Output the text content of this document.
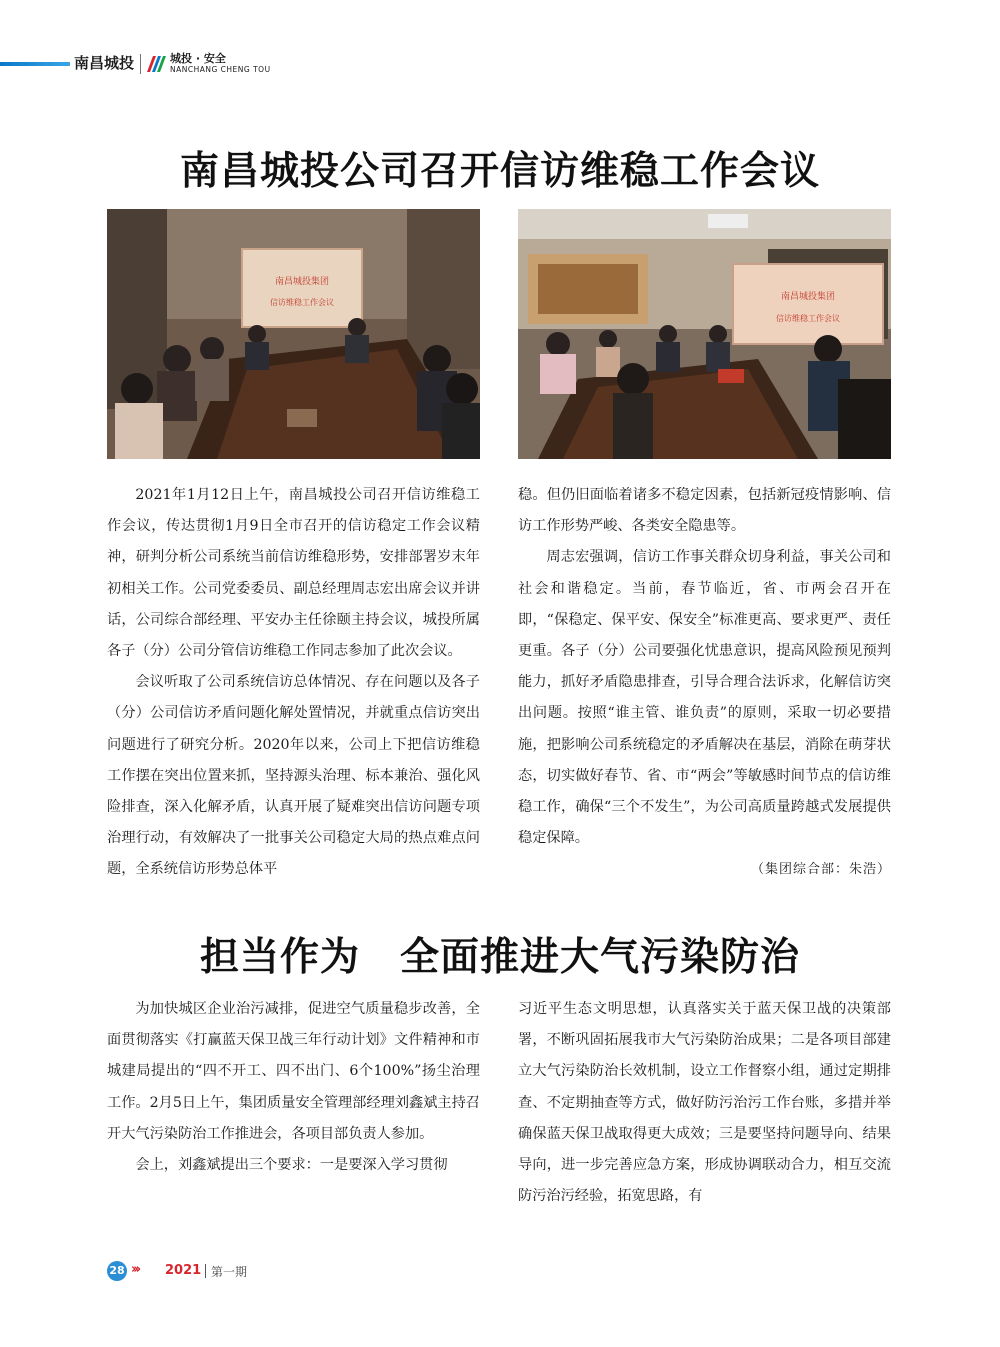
南昌城投	城投 · 安全
NANCHANG CHENG TOU
南昌城投公司召开信访维稳工作会议
南昌城投集团
信访维稳工作会议
南昌城投集团
信访维稳工作会议

2021年1月12日上午，南昌城投公司召开信访维稳工作会议，传达贯彻1月9日全市召开的信访稳定工作会议精神，研判分析公司系统当前信访维稳形势，安排部署岁末年初相关工作。公司党委委员、副总经理周志宏出席会议并讲话，公司综合部经理、平安办主任徐颐主持会议，城投所属各子（分）公司分管信访维稳工作同志参加了此次会议。

会议听取了公司系统信访总体情况、存在问题以及各子（分）公司信访矛盾问题化解处置情况，并就重点信访突出问题进行了研究分析。2020年以来，公司上下把信访维稳工作摆在突出位置来抓，坚持源头治理、标本兼治、强化风险排查，深入化解矛盾，认真开展了疑难突出信访问题专项治理行动，有效解决了一批事关公司稳定大局的热点难点问题，全系统信访形势总体平

稳。但仍旧面临着诸多不稳定因素，包括新冠疫情影响、信访工作形势严峻、各类安全隐患等。

周志宏强调，信访工作事关群众切身利益，事关公司和社会和谐稳定。当前，春节临近，省、市两会召开在即，“保稳定、保平安、保安全”标准更高、要求更严、责任更重。各子（分）公司要强化忧患意识，提高风险预见预判能力，抓好矛盾隐患排查，引导合理合法诉求，化解信访突出问题。按照“谁主管、谁负责”的原则，采取一切必要措施，把影响公司系统稳定的矛盾解决在基层，消除在萌芽状态，切实做好春节、省、市“两会”等敏感时间节点的信访维稳工作，确保“三个不发生”，为公司高质量跨越式发展提供稳定保障。

（集团综合部：朱浩）

担当作为　全面推进大气污染防治

为加快城区企业治污减排，促进空气质量稳步改善，全面贯彻落实《打赢蓝天保卫战三年行动计划》文件精神和市城建局提出的“四不开工、四不出门、6个100%”扬尘治理工作。2月5日上午，集团质量安全管理部经理刘鑫斌主持召开大气污染防治工作推进会，各项目部负责人参加。

会上，刘鑫斌提出三个要求：一是要深入学习贯彻

习近平生态文明思想，认真落实关于蓝天保卫战的决策部署，不断巩固拓展我市大气污染防治成果；二是各项目部建立大气污染防治长效机制，设立工作督察小组，通过定期排查、不定期抽查等方式，做好防污治污工作台账，多措并举确保蓝天保卫战取得更大成效；三是要坚持问题导向、结果导向，进一步完善应急方案，形成协调联动合力，相互交流防污治污经验，拓宽思路，有

28 ››› 2021 第一期
